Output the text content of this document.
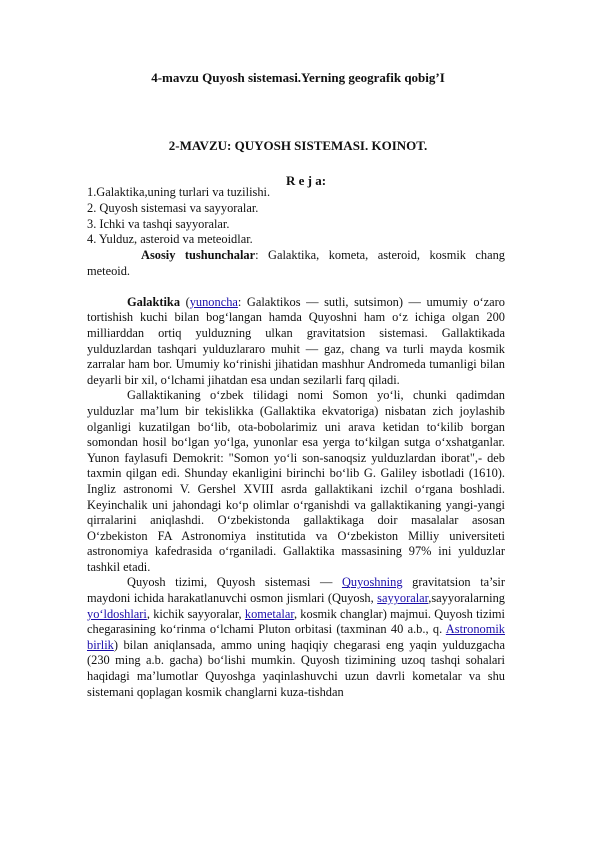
4-mavzu Quyosh sistemasi.Yerning geografik qobig’I
2-MAVZU: QUYOSH SISTEMASI. KOINOT.
R e j a:
1.Galaktika,uning turlari va tuzilishi.
2. Quyosh sistemasi va sayyoralar.
3. Ichki va tashqi sayyoralar.
4. Yulduz, asteroid va meteoidlar.

Asosiy tushunchalar: Galaktika, kometa, asteroid, kosmik chang meteoid.

Galaktika (yunoncha: Galaktikos — sutli, sutsimon) — umumiy o‘zaro tortishish kuchi bilan bog‘langan hamda Quyoshni ham o‘z ichiga olgan 200 milliarddan ortiq yulduzning ulkan gravitatsion sistemasi. Gallaktikada yulduzlardan tashqari yulduzlararo muhit — gaz, chang va turli mayda kosmik zarralar ham bor. Umumiy ko‘rinishi jihatidan mashhur Andromeda tumanligi bilan deyarli bir xil, o‘lchami jihatdan esa undan sezilarli farq qiladi.

Gallaktikaning o‘zbek tilidagi nomi Somon yo‘li, chunki qadimdan yulduzlar ma’lum bir tekislikka (Gallaktika ekvatoriga) nisbatan zich joylashib olganligi kuzatilgan bo‘lib, ota-bobolarimiz uni arava ketidan to‘kilib borgan somondan hosil bo‘lgan yo‘lga, yunonlar esa yerga to‘kilgan sutga o‘xshatganlar. Yunon faylasufi Demokrit: "Somon yo‘li son-sanoqsiz yulduzlardan iborat",- deb taxmin qilgan edi. Shunday ekanligini birinchi bo‘lib G. Galiley isbotladi (1610). Ingliz astronomi V. Gershel XVIII asrda gallaktikani izchil o‘rgana boshladi. Keyinchalik uni jahondagi ko‘p olimlar o‘rganishdi va gallaktikaning yangi-yangi qirralarini aniqlashdi. O‘zbekistonda gallaktikaga doir masalalar asosan O‘zbekiston FA Astronomiya institutida va O‘zbekiston Milliy universiteti astronomiya kafedrasida o‘rganiladi. Gallaktika massasining 97% ini yulduzlar tashkil etadi.

Quyosh tizimi, Quyosh sistemasi — Quyoshning gravitatsion ta’sir maydoni ichida harakatlanuvchi osmon jismlari (Quyosh, sayyoralar,sayyoralarning yo‘ldoshlari, kichik sayyoralar, kometalar, kosmik changlar) majmui. Quyosh tizimi chegarasining ko‘rinma o‘lchami Pluton orbitasi (taxminan 40 a.b., q. Astronomik birlik) bilan aniqlansada, ammo uning haqiqiy chegarasi eng yaqin yulduzgacha (230 ming a.b. gacha) bo‘lishi mumkin. Quyosh tizimining uzoq tashqi sohalari haqidagi ma’lumotlar Quyoshga yaqinlashuvchi uzun davrli kometalar va shu sistemani qoplagan kosmik changlarni kuza-tishdan
